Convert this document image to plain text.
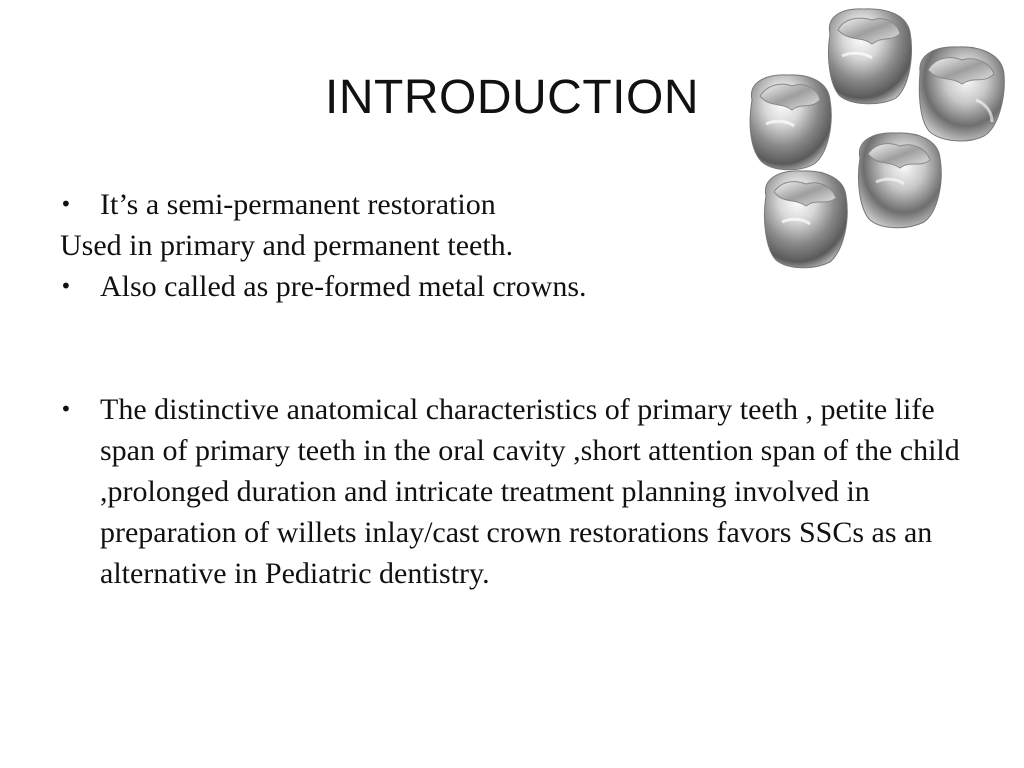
INTRODUCTION

• It’s a semi-permanent restoration

Used in primary and permanent teeth.

• Also called as pre-formed metal crowns.

• The distinctive anatomical characteristics of primary teeth , petite life span of primary teeth in the oral cavity ,short attention span of the child ,prolonged duration and intricate treatment planning involved in preparation of willets inlay/cast crown restorations favors SSCs as an alternative in Pediatric dentistry.
